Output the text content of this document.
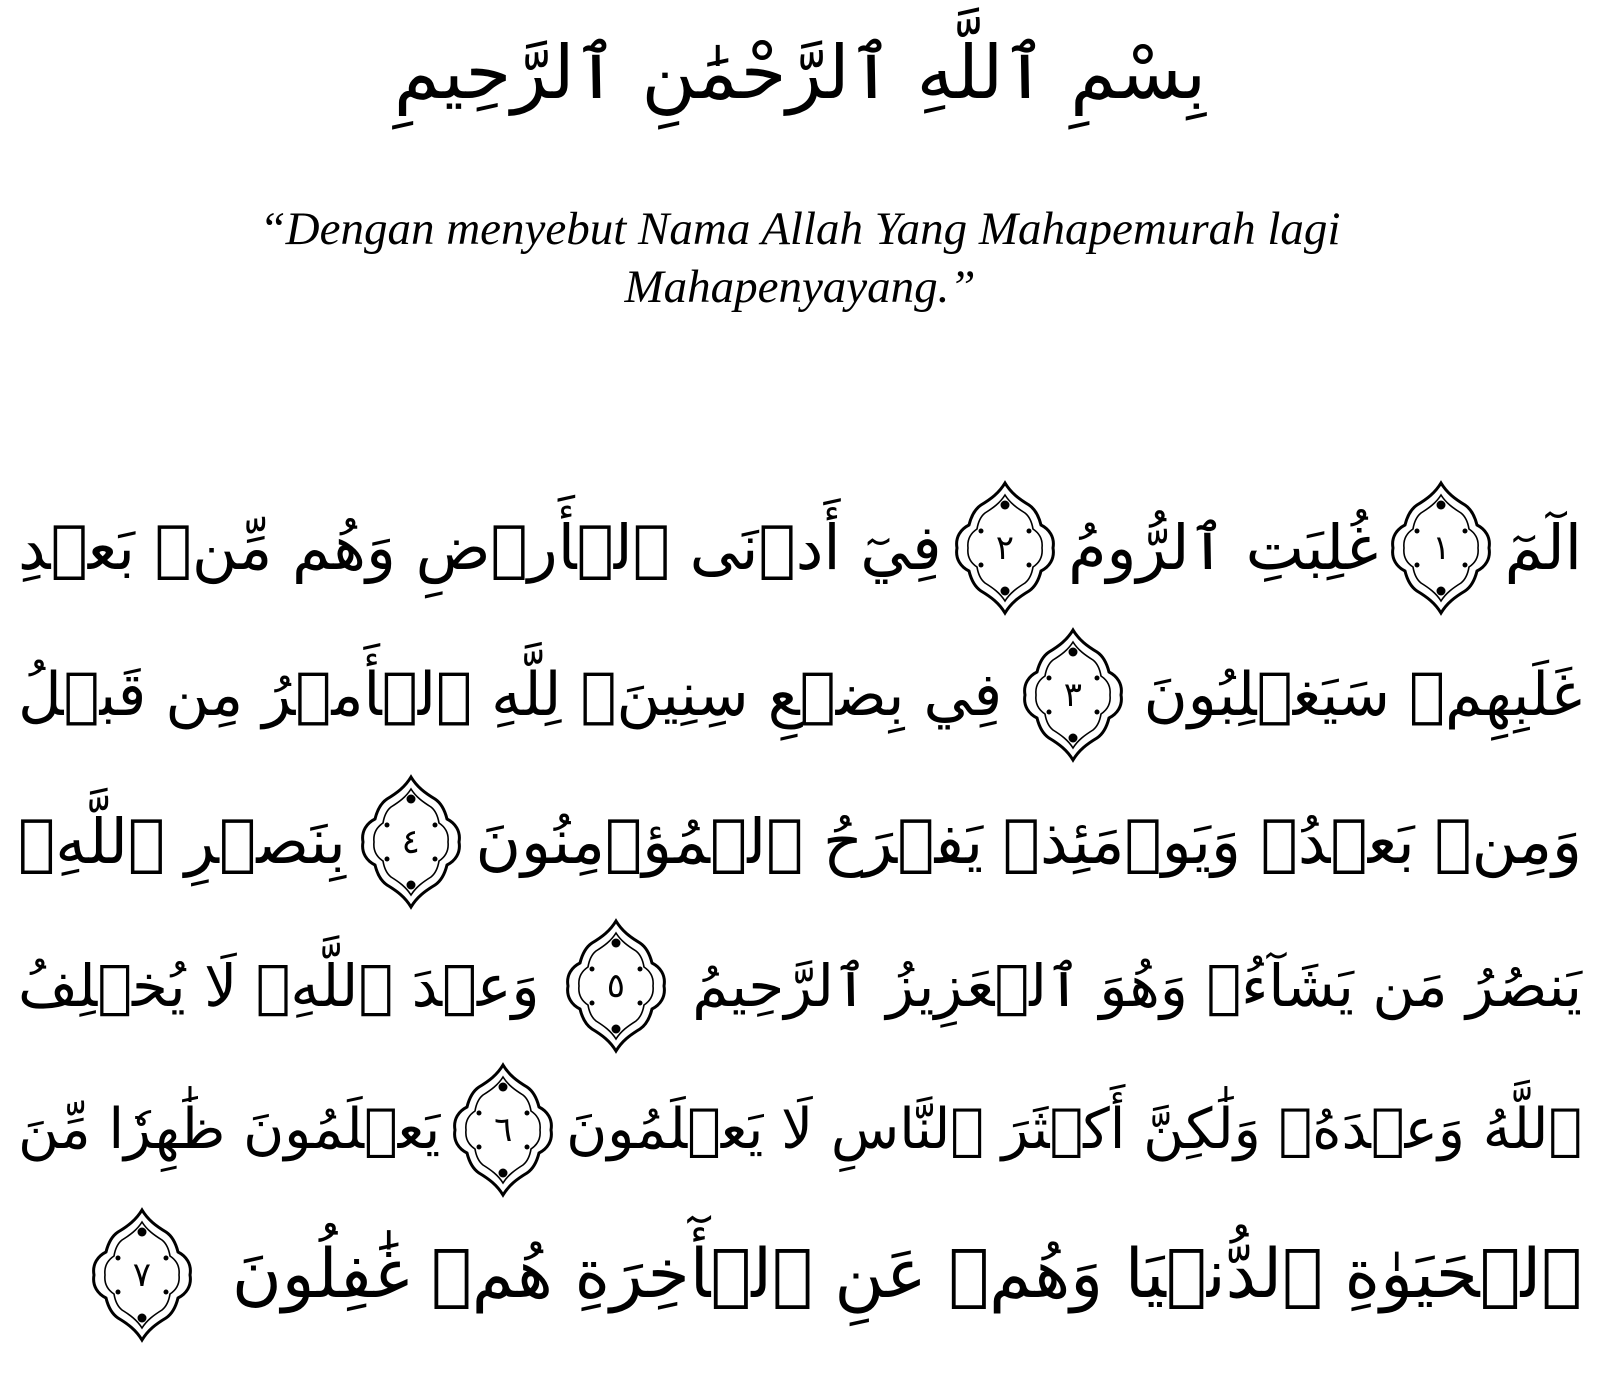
بِسْمِ ٱللَّهِ ٱلرَّحْمَٰنِ ٱلرَّحِيمِ
“Dengan menyebut Nama Allah Yang Mahapemurah lagi
Mahapenyayang.”
الٓمٓ
١
غُلِبَتِ ٱلرُّومُ
٢
فِيٓ أَدۡنَى ٱلۡأَرۡضِ وَهُم مِّنۢ بَعۡدِ
غَلَبِهِمۡ سَيَغۡلِبُونَ
٣
فِي بِضۡعِ سِنِينَۗ لِلَّهِ ٱلۡأَمۡرُ مِن قَبۡلُ
وَمِنۢ بَعۡدُۚ وَيَوۡمَئِذٖ يَفۡرَحُ ٱلۡمُؤۡمِنُونَ
٤
بِنَصۡرِ ٱللَّهِۚ
يَنصُرُ مَن يَشَآءُۖ وَهُوَ ٱلۡعَزِيزُ ٱلرَّحِيمُ
٥
وَعۡدَ ٱللَّهِۖ لَا يُخۡلِفُ
ٱللَّهُ وَعۡدَهُۥ وَلَٰكِنَّ أَكۡثَرَ ٱلنَّاسِ لَا يَعۡلَمُونَ
٦
يَعۡلَمُونَ ظَٰهِرٗا مِّنَ
ٱلۡحَيَوٰةِ ٱلدُّنۡيَا وَهُمۡ عَنِ ٱلۡأٓخِرَةِ هُمۡ غَٰفِلُونَ
٧
